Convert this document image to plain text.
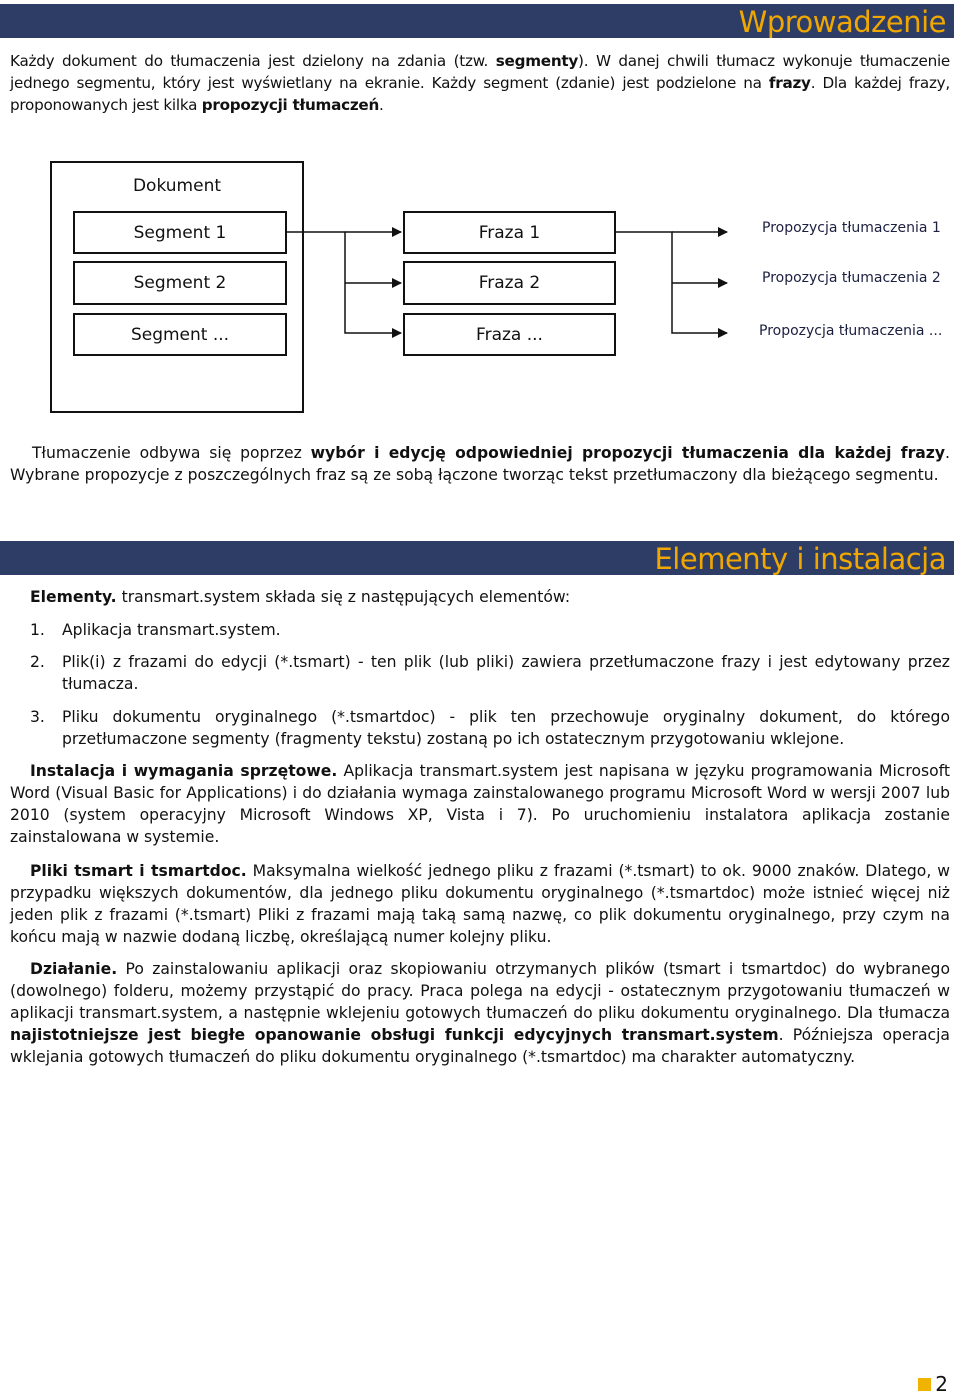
Wprowadzenie

Każdy dokument do tłumaczenia jest dzielony na zdania (tzw. segmenty). W danej chwili tłumacz wykonuje tłumaczenie jednego segmentu, który jest wyświetlany na ekranie. Każdy segment (zdanie) jest podzielone na frazy. Dla każdej frazy, proponowanych jest kilka propozycji tłumaczeń.

Dokument
Segment 1
Segment 2
Segment ...
Fraza 1
Fraza 2
Fraza ...
Propozycja tłumaczenia 1
Propozycja tłumaczenia 2
Propozycja tłumaczenia ...

Tłumaczenie odbywa się poprzez wybór i edycję odpowiedniej propozycji tłumaczenia dla każdej frazy. Wybrane propozycje z poszczególnych fraz są ze sobą łączone tworząc tekst przetłumaczony dla bieżącego segmentu.

Elementy i instalacja
Elementy. transmart.system składa się z następujących elementów:
1. Aplikacja transmart.system.
2. Plik(i) z frazami do edycji (*.tsmart) - ten plik (lub pliki) zawiera przetłumaczone frazy i jest edytowany przez tłumacza.
3. Pliku dokumentu oryginalnego (*.tsmartdoc) - plik ten przechowuje oryginalny dokument, do którego przetłumaczone segmenty (fragmenty tekstu) zostaną po ich ostatecznym przygotowaniu wklejone.

Instalacja i wymagania sprzętowe. Aplikacja transmart.system jest napisana w języku programowania Microsoft Word (Visual Basic for Applications) i do działania wymaga zainstalowanego programu Microsoft Word w wersji 2007 lub 2010 (system operacyjny Microsoft Windows XP, Vista i 7). Po uruchomieniu instalatora aplikacja zostanie zainstalowana w systemie.

Pliki tsmart i tsmartdoc. Maksymalna wielkość jednego pliku z frazami (*.tsmart) to ok. 9000 znaków. Dlatego, w przypadku większych dokumentów, dla jednego pliku dokumentu oryginalnego (*.tsmartdoc) może istnieć więcej niż jeden plik z frazami (*.tsmart) Pliki z frazami mają taką samą nazwę, co plik dokumentu oryginalnego, przy czym na końcu mają w nazwie dodaną liczbę, określającą numer kolejny pliku.

Działanie. Po zainstalowaniu aplikacji oraz skopiowaniu otrzymanych plików (tsmart i tsmartdoc) do wybranego (dowolnego) folderu, możemy przystąpić do pracy. Praca polega na edycji - ostatecznym przygotowaniu tłumaczeń w aplikacji transmart.system, a następnie wklejeniu gotowych tłumaczeń do pliku dokumentu oryginalnego. Dla tłumacza najistotniejsze jest biegłe opanowanie obsługi funkcji edycyjnych transmart.system. Późniejsza operacja wklejania gotowych tłumaczeń do pliku dokumentu oryginalnego (*.tsmartdoc) ma charakter automatyczny.

2
